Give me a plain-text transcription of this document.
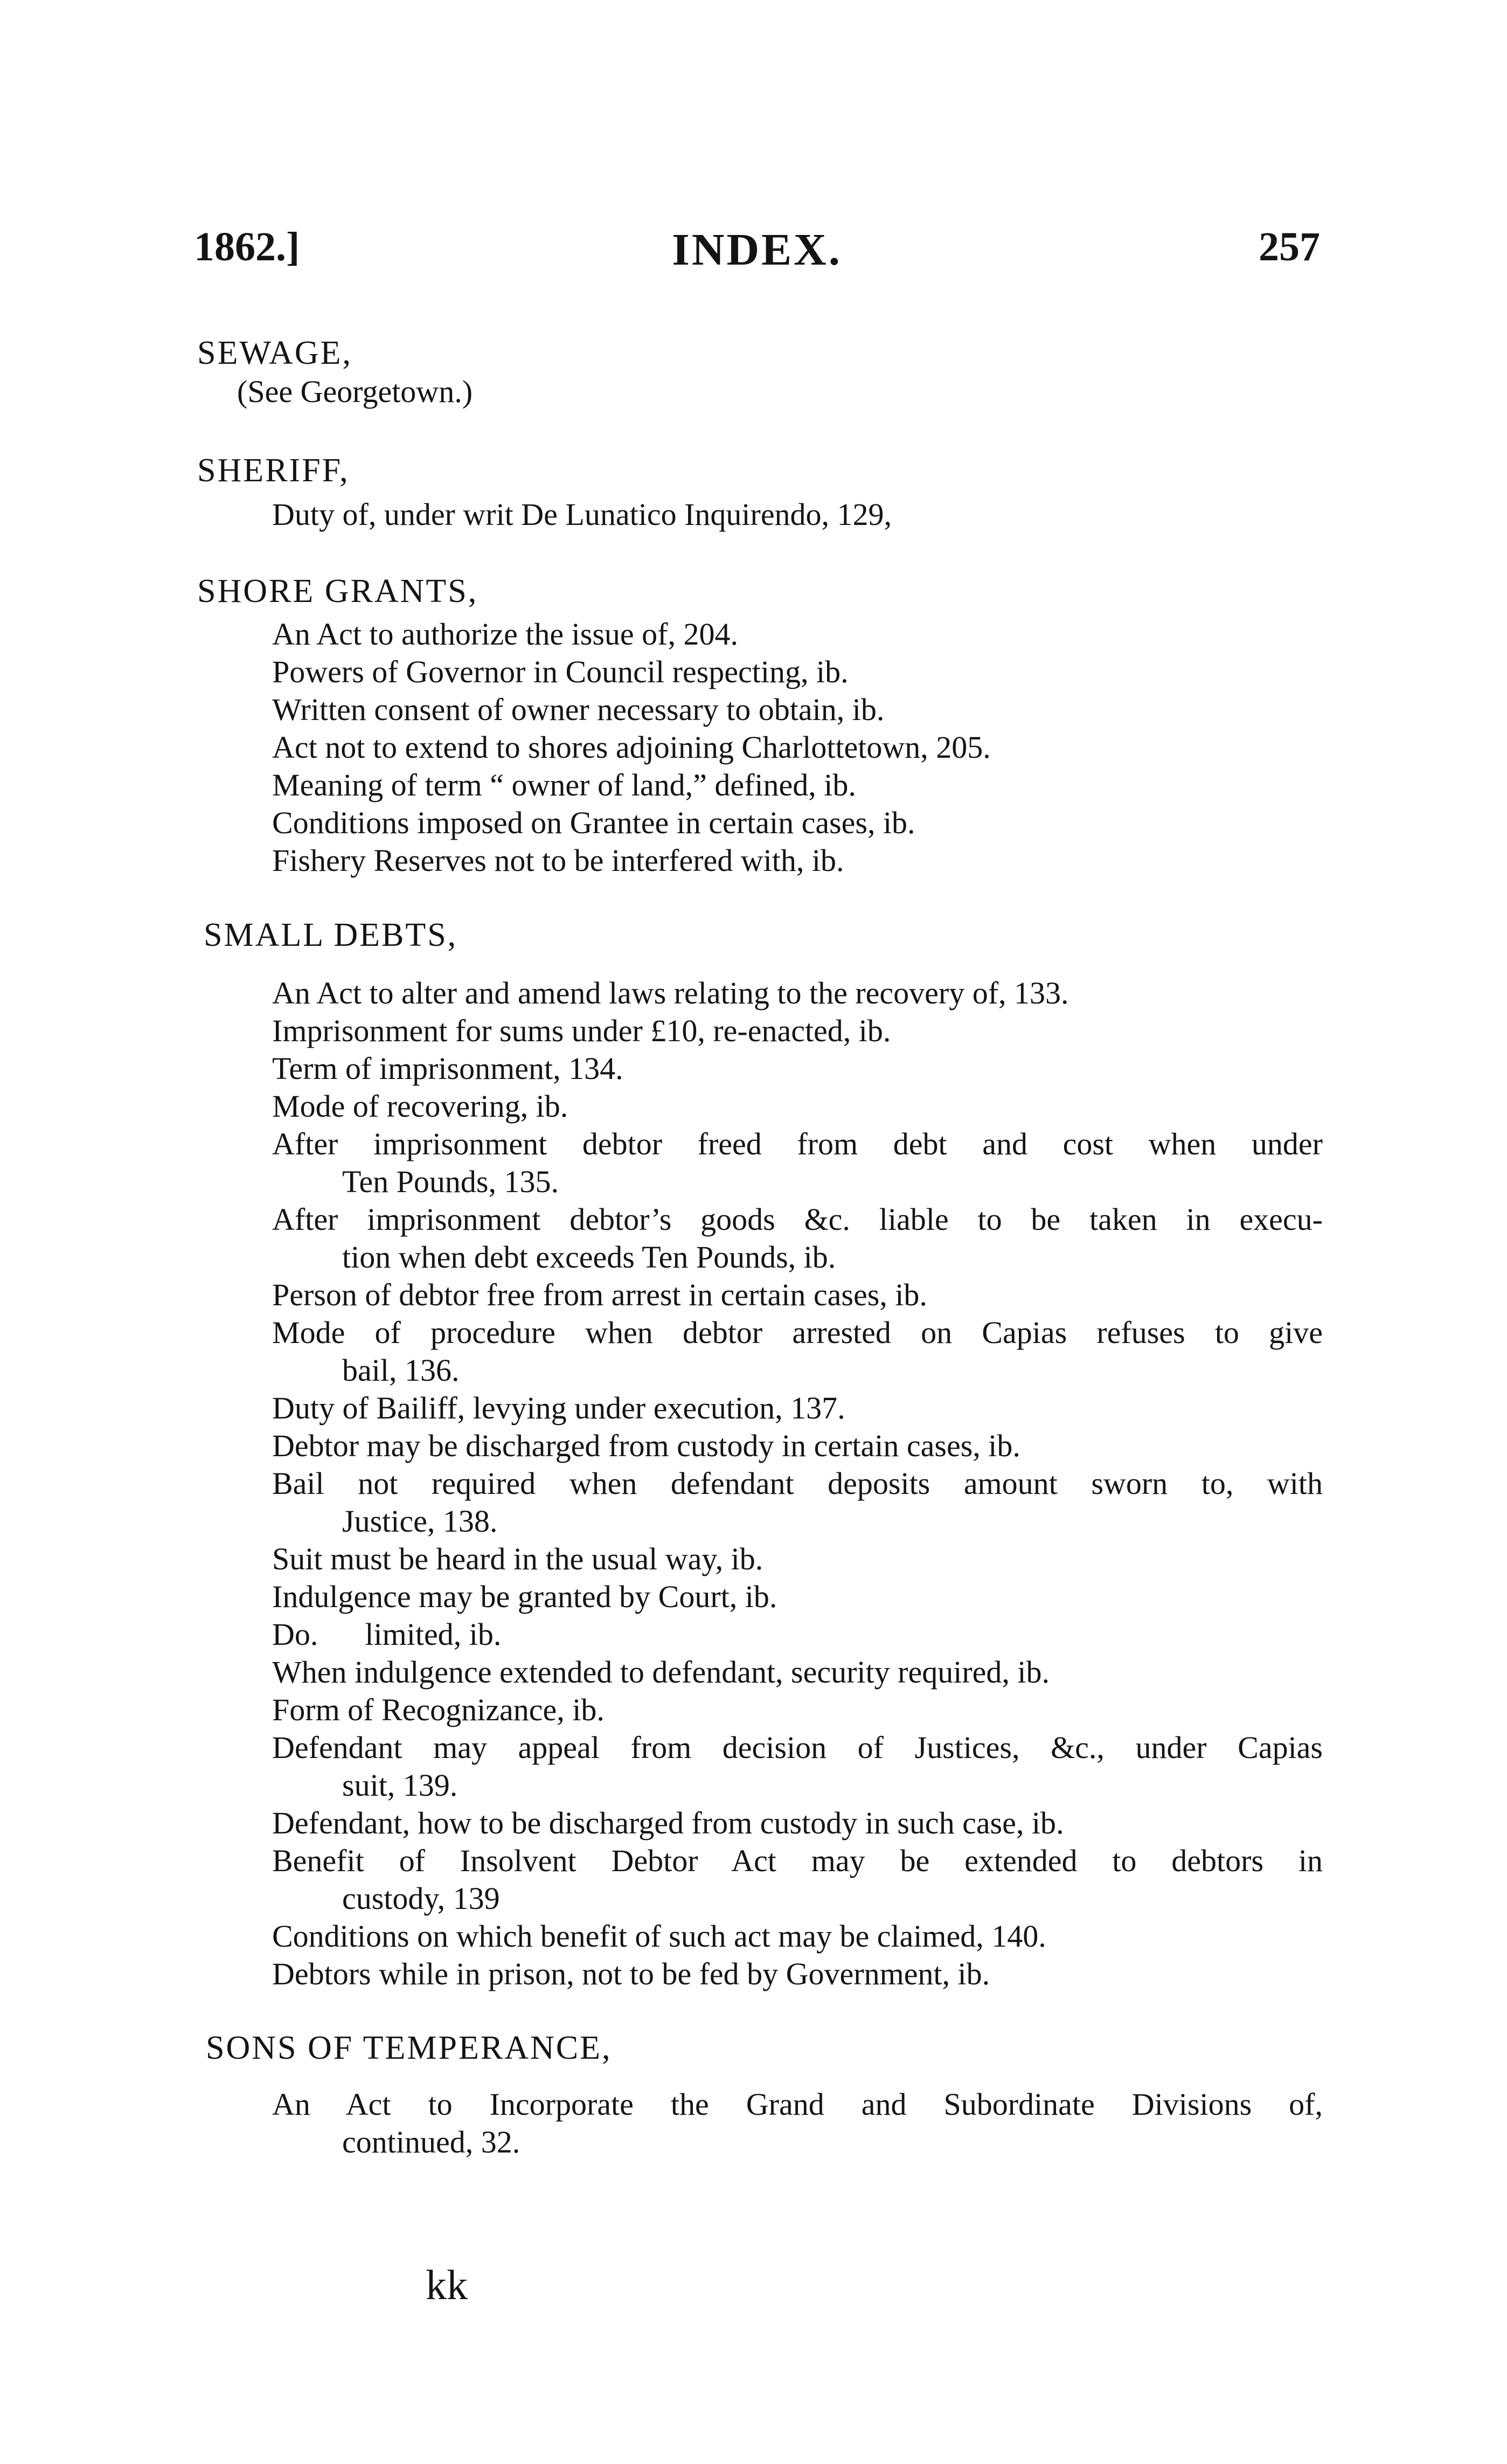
1862.]	INDEX.	257
SEWAGE,
(See Georgetown.)
SHERIFF,
Duty of, under writ De Lunatico Inquirendo, 129,
SHORE GRANTS,
An Act to authorize the issue of, 204.
Powers of Governor in Council respecting, ib.
Written consent of owner necessary to obtain, ib.
Act not to extend to shores adjoining Charlottetown, 205.
Meaning of term “ owner of land,” defined, ib.
Conditions imposed on Grantee in certain cases, ib.
Fishery Reserves not to be interfered with, ib.
SMALL DEBTS,
An Act to alter and amend laws relating to the recovery of, 133.
Imprisonment for sums under £10, re-enacted, ib.
Term of imprisonment, 134.
Mode of recovering, ib.
After imprisonment debtor freed from debt and cost when under
Ten Pounds, 135.
After imprisonment debtor’s goods &c. liable to be taken in execu-
tion when debt exceeds Ten Pounds, ib.
Person of debtor free from arrest in certain cases, ib.
Mode of procedure when debtor arrested on Capias refuses to give
bail, 136.
Duty of Bailiff, levying under execution, 137.
Debtor may be discharged from custody in certain cases, ib.
Bail not required when defendant deposits amount sworn to, with
Justice, 138.
Suit must be heard in the usual way, ib.
Indulgence may be granted by Court, ib.
Do.      limited, ib.
When indulgence extended to defendant, security required, ib.
Form of Recognizance, ib.
Defendant may appeal from decision of Justices, &c., under Capias
suit, 139.
Defendant, how to be discharged from custody in such case, ib.
Benefit of Insolvent Debtor Act may be extended to debtors in
custody, 139
Conditions on which benefit of such act may be claimed, 140.
Debtors while in prison, not to be fed by Government, ib.
SONS OF TEMPERANCE,
An Act to Incorporate the Grand and Subordinate Divisions of,
continued, 32.
kk
